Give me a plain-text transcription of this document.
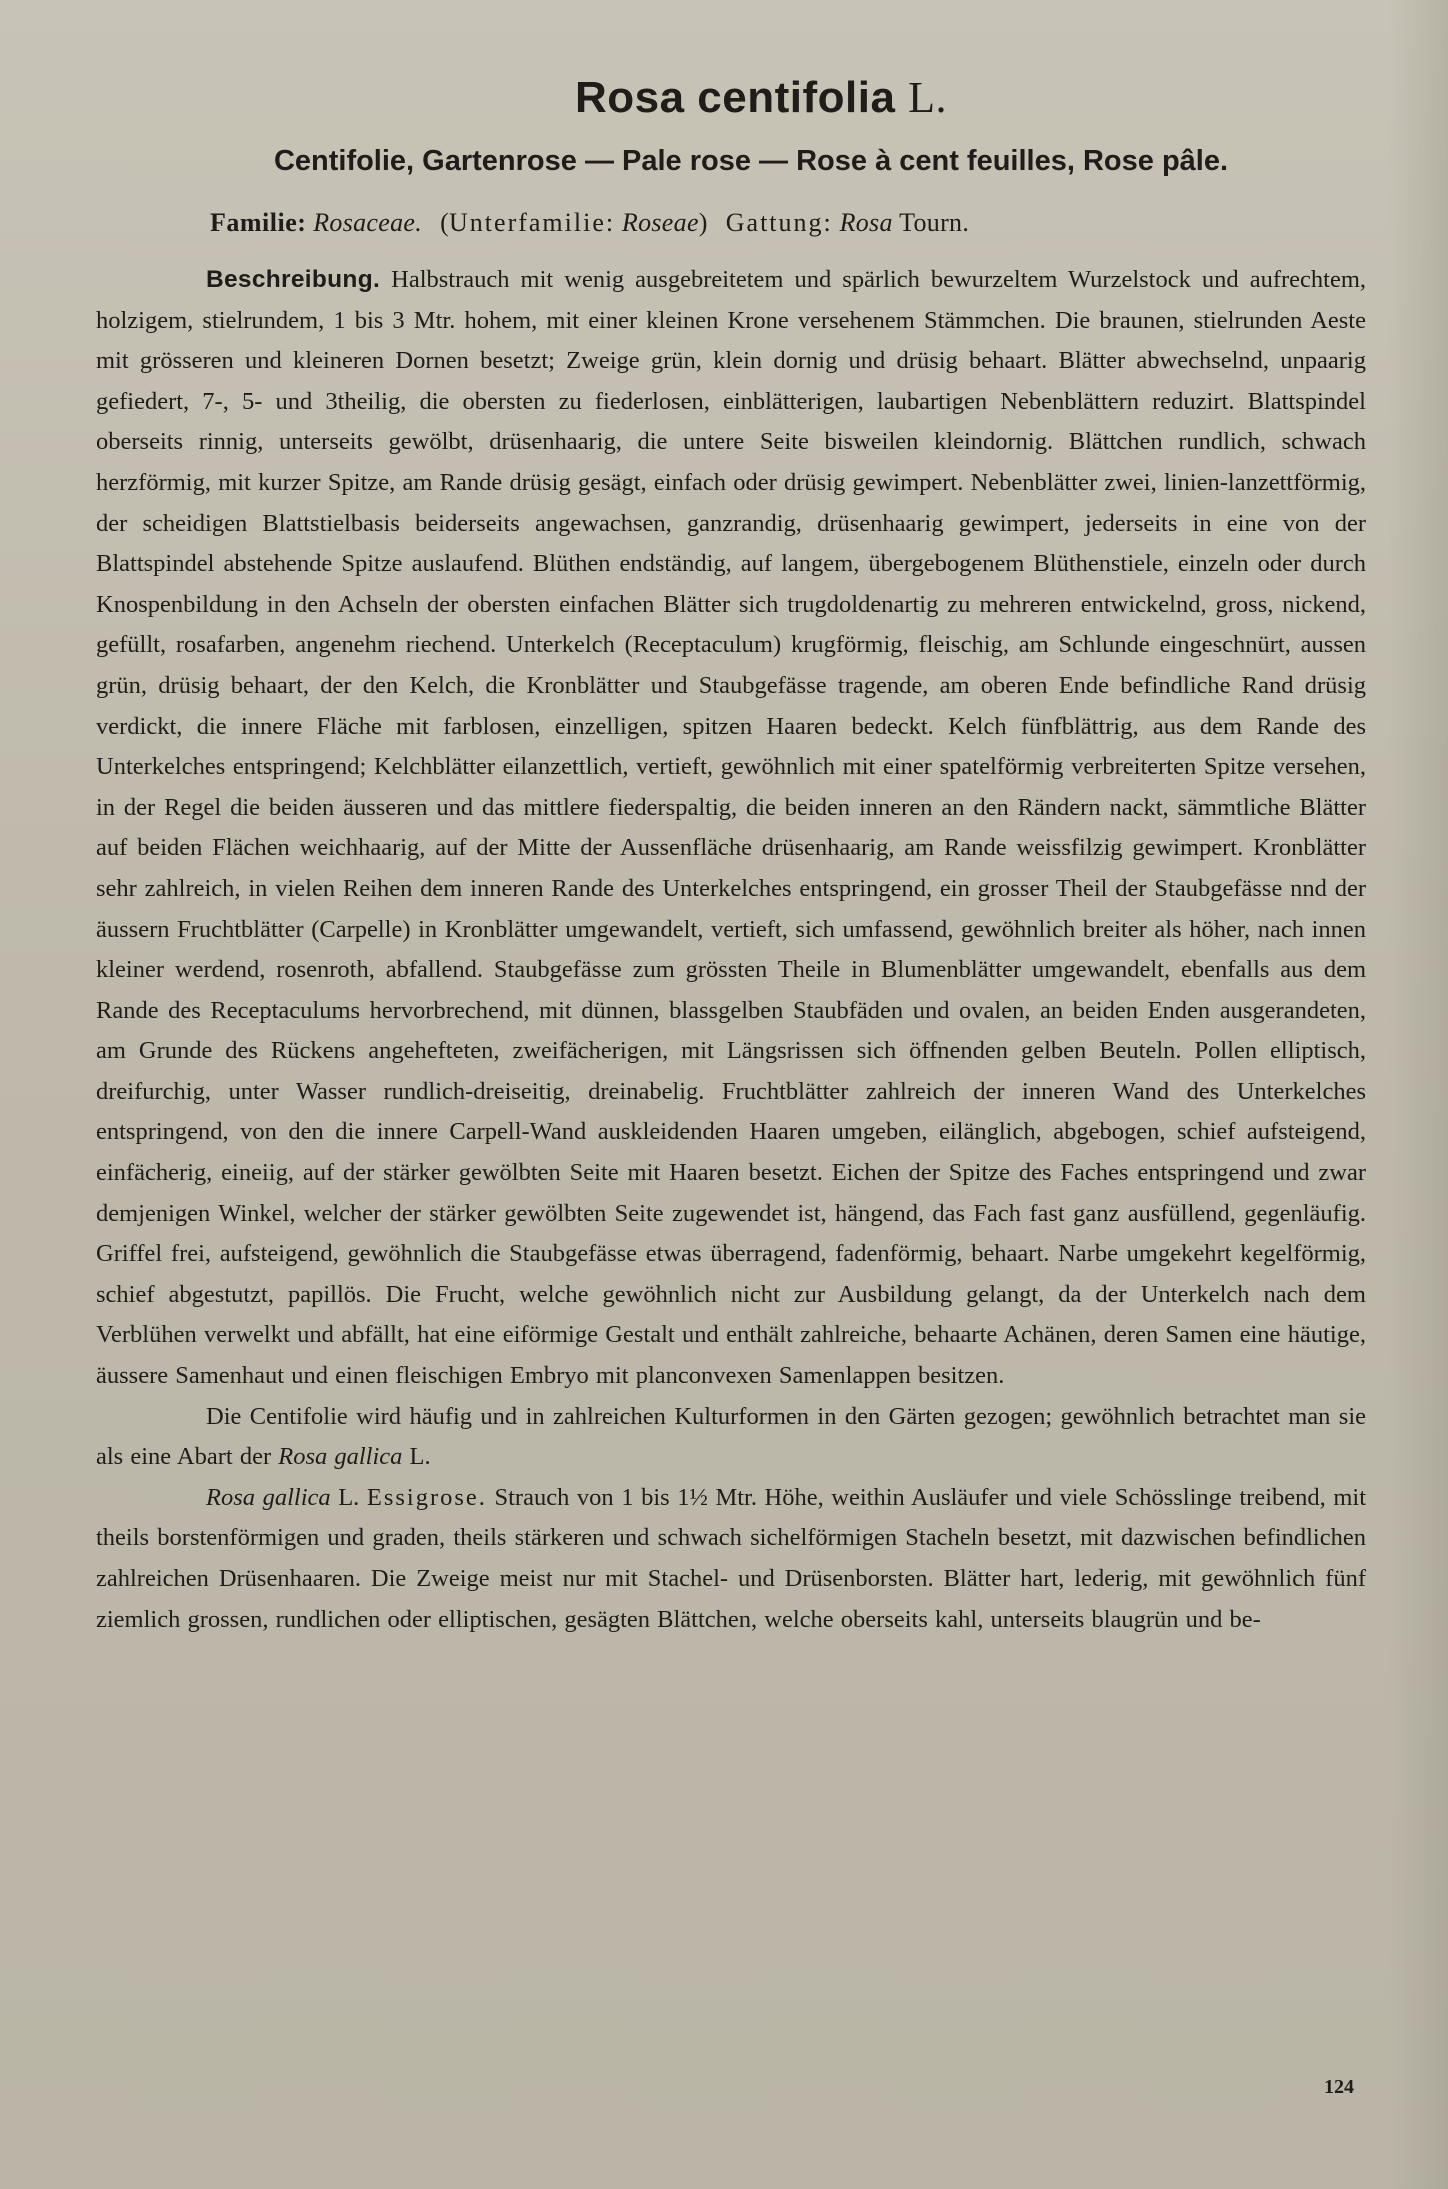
Rosa centifolia L.
Centifolie, Gartenrose — Pale rose — Rose à cent feuilles, Rose pâle.
Familie: Rosaceae. (Unterfamilie: Roseae) Gattung: Rosa Tourn.

Beschreibung. Halbstrauch mit wenig ausgebreitetem und spärlich bewurzeltem Wurzelstock und aufrechtem, holzigem, stielrundem, 1 bis 3 Mtr. hohem, mit einer kleinen Krone versehenem Stämmchen. Die braunen, stielrunden Aeste mit grösseren und kleineren Dornen besetzt; Zweige grün, klein dornig und drüsig behaart. Blätter abwechselnd, unpaarig gefiedert, 7-, 5- und 3theilig, die obersten zu fiederlosen, einblätterigen, laubartigen Nebenblättern reduzirt. Blattspindel oberseits rinnig, unterseits gewölbt, drüsenhaarig, die untere Seite bisweilen kleindornig. Blättchen rundlich, schwach herzförmig, mit kurzer Spitze, am Rande drüsig gesägt, einfach oder drüsig gewimpert. Nebenblätter zwei, linien-lanzettförmig, der scheidigen Blattstielbasis beiderseits angewachsen, ganzrandig, drüsenhaarig gewimpert, jederseits in eine von der Blattspindel abstehende Spitze auslaufend. Blüthen endständig, auf langem, übergebogenem Blüthenstiele, einzeln oder durch Knospenbildung in den Achseln der obersten einfachen Blätter sich trugdoldenartig zu mehreren entwickelnd, gross, nickend, gefüllt, rosafarben, angenehm riechend. Unterkelch (Receptaculum) krugförmig, fleischig, am Schlunde eingeschnürt, aussen grün, drüsig behaart, der den Kelch, die Kronblätter und Staubgefässe tragende, am oberen Ende befindliche Rand drüsig verdickt, die innere Fläche mit farblosen, einzelligen, spitzen Haaren bedeckt. Kelch fünfblättrig, aus dem Rande des Unterkelches entspringend; Kelchblätter eilanzettlich, vertieft, gewöhnlich mit einer spatelförmig verbreiterten Spitze versehen, in der Regel die beiden äusseren und das mittlere fiederspaltig, die beiden inneren an den Rändern nackt, sämmtliche Blätter auf beiden Flächen weichhaarig, auf der Mitte der Aussenfläche drüsenhaarig, am Rande weissfilzig gewimpert. Kronblätter sehr zahlreich, in vielen Reihen dem inneren Rande des Unterkelches entspringend, ein grosser Theil der Staubgefässe nnd der äussern Fruchtblätter (Carpelle) in Kronblätter umgewandelt, vertieft, sich umfassend, gewöhnlich breiter als höher, nach innen kleiner werdend, rosenroth, abfallend. Staubgefässe zum grössten Theile in Blumenblätter umgewandelt, ebenfalls aus dem Rande des Receptaculums hervorbrechend, mit dünnen, blassgelben Staubfäden und ovalen, an beiden Enden ausgerandeten, am Grunde des Rückens angehefteten, zweifächerigen, mit Längsrissen sich öffnenden gelben Beuteln. Pollen elliptisch, dreifurchig, unter Wasser rundlich-dreiseitig, dreinabelig. Fruchtblätter zahlreich der inneren Wand des Unterkelches entspringend, von den die innere Carpell-Wand auskleidenden Haaren umgeben, eilänglich, abgebogen, schief aufsteigend, einfächerig, eineiig, auf der stärker gewölbten Seite mit Haaren besetzt. Eichen der Spitze des Faches entspringend und zwar demjenigen Winkel, welcher der stärker gewölbten Seite zugewendet ist, hängend, das Fach fast ganz ausfüllend, gegenläufig. Griffel frei, aufsteigend, gewöhnlich die Staubgefässe etwas überragend, fadenförmig, behaart. Narbe umgekehrt kegelförmig, schief abgestutzt, papillös. Die Frucht, welche gewöhnlich nicht zur Ausbildung gelangt, da der Unterkelch nach dem Verblühen verwelkt und abfällt, hat eine eiförmige Gestalt und enthält zahlreiche, behaarte Achänen, deren Samen eine häutige, äussere Samenhaut und einen fleischigen Embryo mit planconvexen Samenlappen besitzen.

Die Centifolie wird häufig und in zahlreichen Kulturformen in den Gärten gezogen; gewöhnlich betrachtet man sie als eine Abart der Rosa gallica L.

Rosa gallica L. Essigrose. Strauch von 1 bis 1½ Mtr. Höhe, weithin Ausläufer und viele Schösslinge treibend, mit theils borstenförmigen und graden, theils stärkeren und schwach sichelförmigen Stacheln besetzt, mit dazwischen befindlichen zahlreichen Drüsenhaaren. Die Zweige meist nur mit Stachel- und Drüsenborsten. Blätter hart, lederig, mit gewöhnlich fünf ziemlich grossen, rundlichen oder elliptischen, gesägten Blättchen, welche oberseits kahl, unterseits blaugrün und be-

124
